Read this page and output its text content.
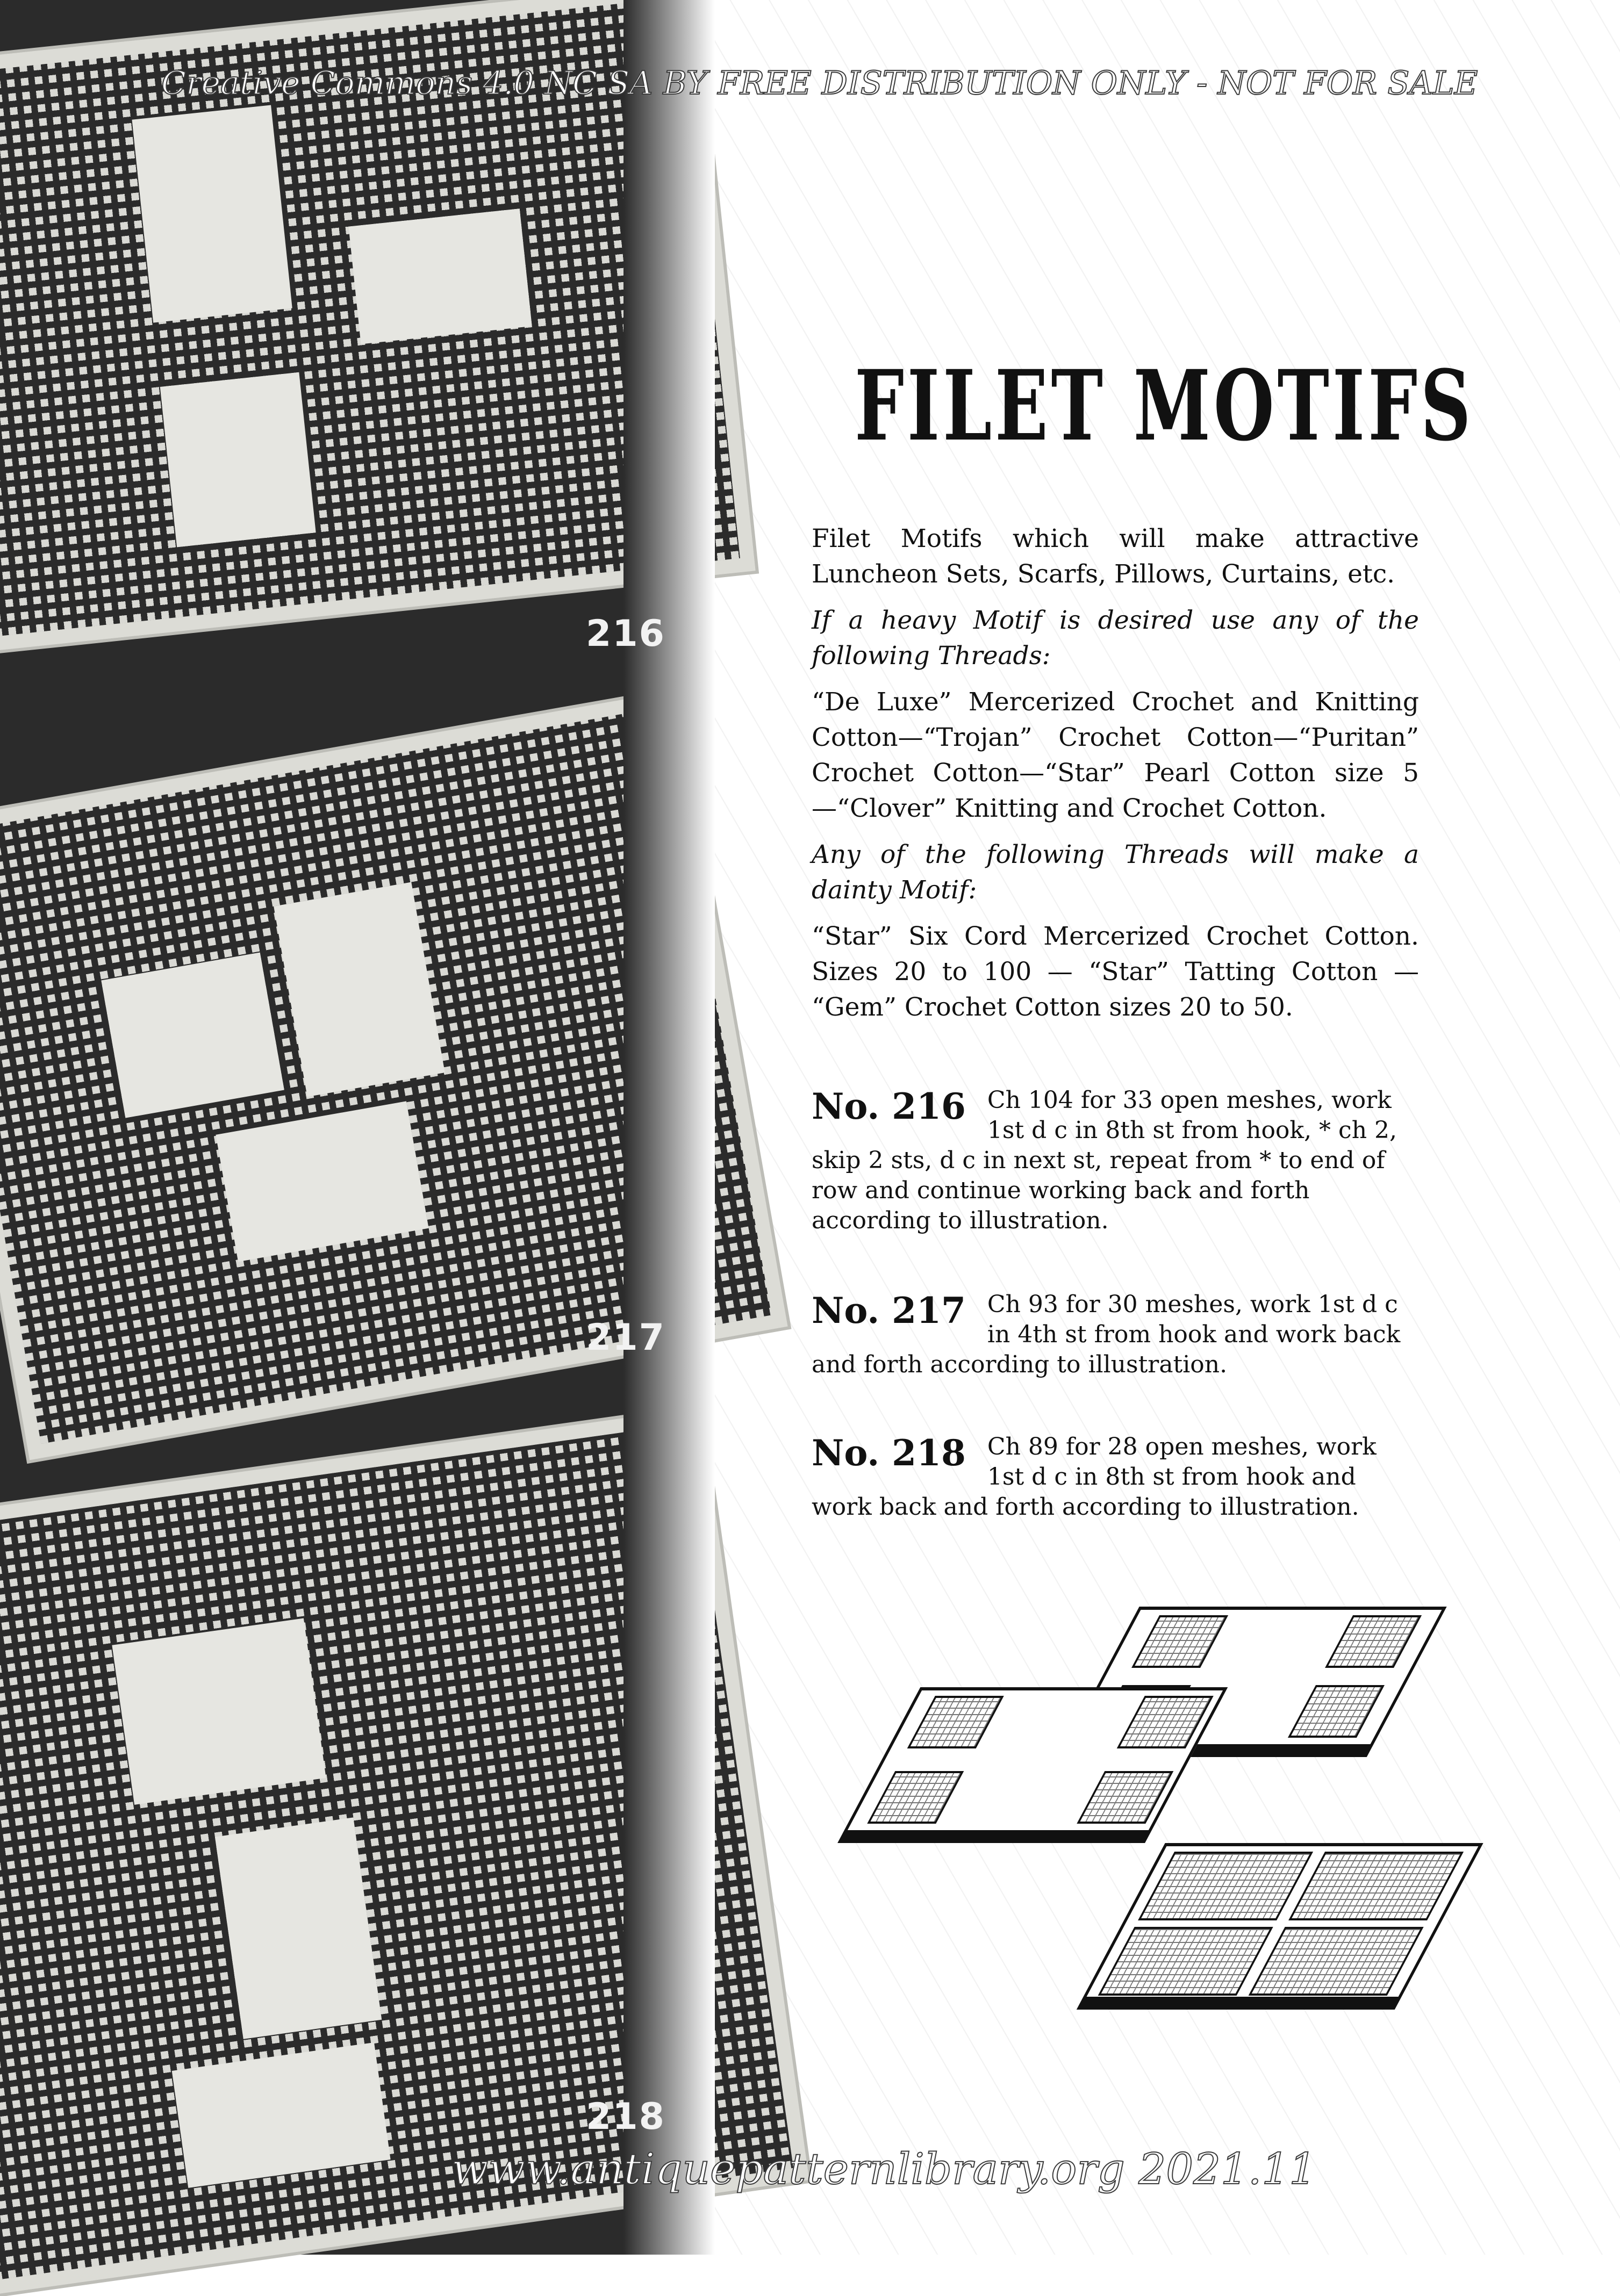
216
217
218
Creative Commons 4.0 NC SA BY FREE DISTRIBUTION ONLY - NOT FOR SALE
FILET MOTIFS

Filet Motifs which will make attractive Luncheon Sets, Scarfs, Pillows, Curtains, etc.

If a heavy Motif is desired use any of the following Threads:

“De Luxe” Mercerized Crochet and Knitting Cotton—“Trojan” Crochet Cotton—“Puritan” Crochet Cotton—“Star” Pearl Cotton size 5—“Clover” Knitting and Crochet Cotton.

Any of the following Threads will make a dainty Motif:

“Star” Six Cord Mercerized Crochet Cotton. Sizes 20 to 100 — “Star” Tatting Cotton — “Gem” Crochet Cotton sizes 20 to 50.

No. 216 Ch 104 for 33 open meshes, work 1st d c in 8th st from hook, * ch 2, skip 2 sts, d c in next st, repeat from * to end of row and continue working back and forth according to illustration.
No. 217 Ch 93 for 30 meshes, work 1st d c in 4th st from hook and work back and forth according to illustration.
No. 218 Ch 89 for 28 open meshes, work 1st d c in 8th st from hook and work back and forth according to illustration.
www.antiquepatternlibrary.org 2021.11
